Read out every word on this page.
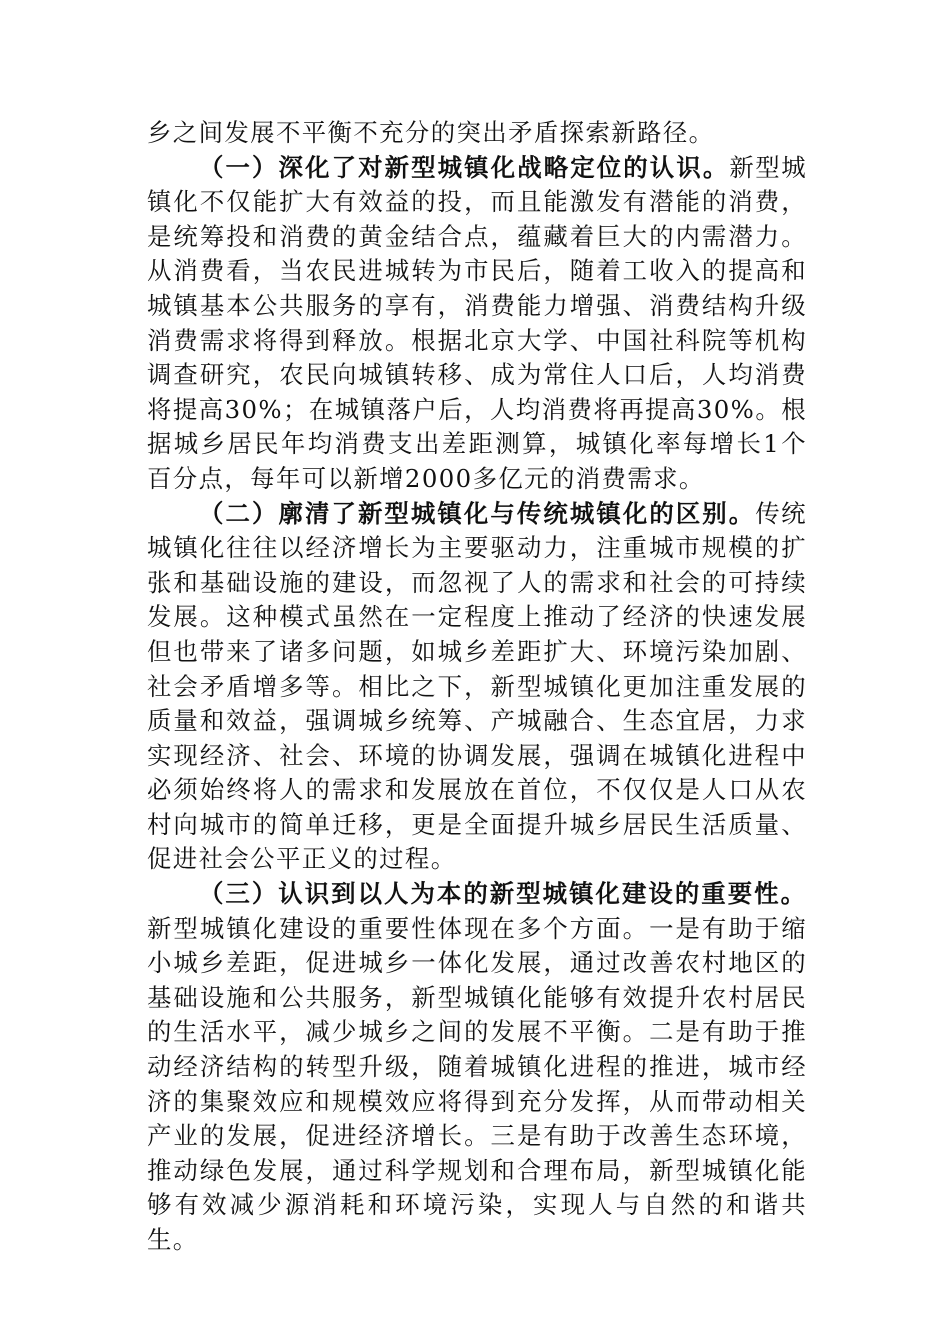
乡之间发展不平衡不充分的突出矛盾探索新路径。

（一）深化了对新型城镇化战略定位的认识。新型城镇化不仅能扩大有效益的投，而且能激发有潜能的消费，是统筹投和消费的黄金结合点，蕴藏着巨大的内需潜力。从消费看，当农民进城转为市民后，随着工收入的提高和城镇基本公共服务的享有，消费能力增强、消费结构升级消费需求将得到释放。根据北京大学、中国社科院等机构调查研究，农民向城镇转移、成为常住人口后，人均消费将提高30%；在城镇落户后，人均消费将再提高30%。根据城乡居民年均消费支出差距测算，城镇化率每增长1个百分点，每年可以新增2000多亿元的消费需求。

（二）廓清了新型城镇化与传统城镇化的区别。传统城镇化往往以经济增长为主要驱动力，注重城市规模的扩张和基础设施的建设，而忽视了人的需求和社会的可持续发展。这种模式虽然在一定程度上推动了经济的快速发展但也带来了诸多问题，如城乡差距扩大、环境污染加剧、社会矛盾增多等。相比之下，新型城镇化更加注重发展的质量和效益，强调城乡统筹、产城融合、生态宜居，力求实现经济、社会、环境的协调发展，强调在城镇化进程中必须始终将人的需求和发展放在首位，不仅仅是人口从农村向城市的简单迁移，更是全面提升城乡居民生活质量、促进社会公平正义的过程。

（三）认识到以人为本的新型城镇化建设的重要性。新型城镇化建设的重要性体现在多个方面。一是有助于缩小城乡差距，促进城乡一体化发展，通过改善农村地区的基础设施和公共服务，新型城镇化能够有效提升农村居民的生活水平，减少城乡之间的发展不平衡。二是有助于推动经济结构的转型升级，随着城镇化进程的推进，城市经济的集聚效应和规模效应将得到充分发挥，从而带动相关产业的发展，促进经济增长。三是有助于改善生态环境，推动绿色发展，通过科学规划和合理布局，新型城镇化能够有效减少源消耗和环境污染，实现人与自然的和谐共生。
